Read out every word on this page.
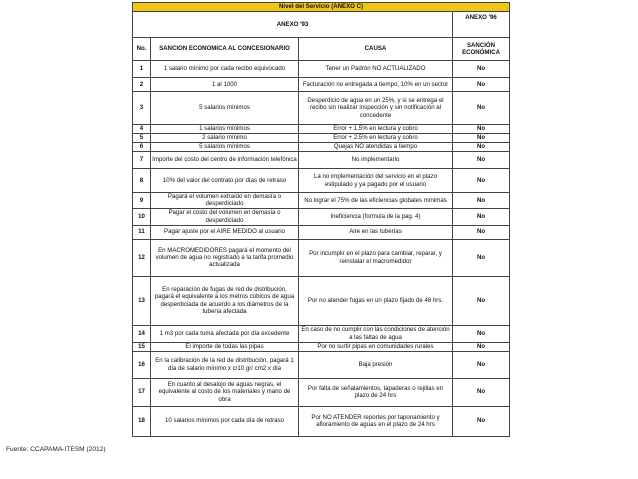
Nivel del Servicio (ANEXO C)			
ANEXO '93			ANEXO '96
No.	SANCION ECONOMICA AL CONCESIONARIO	CAUSA	SANCIÓN ECONÓMICA
1	1 salario mínimo por cada recibo equivocado	Tener un Padrón NO ACTUALIZADO	No
2	1 al 1000	Facturación no entregada a tiempo, 10% en un sector	No
3	5 salarios mínimos	Desperdicio de agua en un 25%, y si se entrega el recibo sin realizar inspección y sin notificación al concedente	No
4	1 salarios mínimos	Error + 1.5% en lectura y cobro	No
5	2 salario mínimo	Error + 2.5% en lectura y cobro	No
6	5 salarios mínimos	Quejas NO atendidas a tiempo	No
7	Importe del costo del centro de información telefónica	No implementarlo	No
8	10% del valor del contrato por días de retraso	La no implementación del servicio en el plazo estipulado y ya pagado por el usuario	No
9	Pagará el volumen extraído en demasía o desperdiciado	No lograr el 75% de las eficiencias globales mínimas	No
10	Pagar el costo del volumen en demasía o desperdiciado	Ineficiencia (formula de la pag. 4)	No
11	Pagar ajuste por el AIRE MEDIDO al usuario	Aire en las tuberías	No
12	En MACROMEDIDORES pagará el momento del volumen de agua no registrado a la tarifa promedio actualizada	Por incumplir en el plazo para cambiar, reparar, y reinstalar el macromedidor	No
13	En reparación de fugas de red de distribución, pagará el equivalente a los metros cúbicos de agua desperdiciada de acuerdo a los diámetros de la tubería afectada	Por no atender fugas en un plazo fijado de 48 hrs.	No
14	1 m3 por cada toma afectada por día excedente	En caso de no cumplir con las condiciones de atención a las faltas de agua	No
15	El importe de todas las pipas	Por no surtir pipas en comunidades rurales	No
16	En la calibración de la red de distribución, pagará 1 día de salario mínimo x c/10 gr/ cm2 x día	Baja presión	No
17	En cuanto al desalojo de aguas negras, el equivalente al costo de los materiales y mano de obra	Por falta de señalamientos, tapaderas o rejillas en plazo de 24 hrs	No
18	10 salarios mínimos por cada día de retraso	Por NO ATENDER reportes por taponamiento y afloramiento de aguas en el plazo de 24 hrs	No
Fuente: CCAPAMA-ITESM (2012)
